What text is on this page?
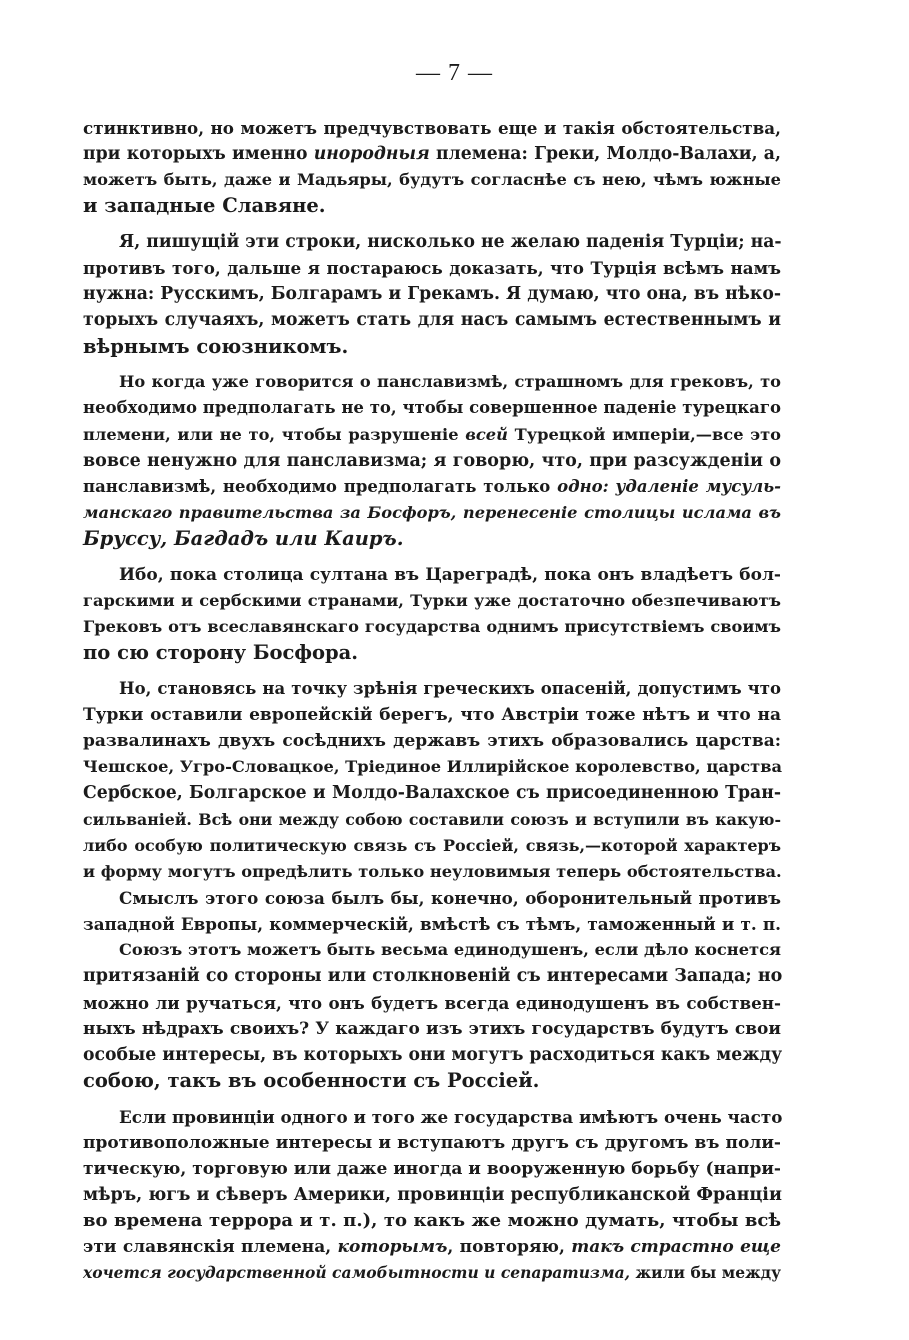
— 7 —
стинктивно, но можетъ предчувствовать еще и такія обстоятельства,
при которыхъ именно инородныя племена: Греки, Молдо-Валахи, а,
можетъ быть, даже и Мадьяры, будутъ согласнѣе съ нею, чѣмъ южные
и западные Славяне.
Я, пишущій эти строки, нисколько не желаю паденія Турціи; на-
противъ того, дальше я постараюсь доказать, что Турція всѣмъ намъ
нужна: Русскимъ, Болгарамъ и Грекамъ. Я думаю, что она, въ нѣко-
торыхъ случаяхъ, можетъ стать для насъ самымъ естественнымъ и
вѣрнымъ союзникомъ.
Но когда уже говорится о панславизмѣ, страшномъ для грековъ, то
необходимо предполагать не то, чтобы совершенное паденіе турецкаго
племени, или не то, чтобы разрушеніе всей Турецкой имперіи,—все это
вовсе ненужно для панславизма; я говорю, что, при разсужденіи о
панславизмѣ, необходимо предполагать только одно: удаленіе мусуль-
манскаго правительства за Босфоръ, перенесеніе столицы ислама въ
Бруссу, Багдадъ или Каиръ.
Ибо, пока столица султана въ Цареградѣ, пока онъ владѣетъ бол-
гарскими и сербскими странами, Турки уже достаточно обезпечиваютъ
Грековъ отъ всеславянскаго государства однимъ присутствіемъ своимъ
по сю сторону Босфора.
Но, становясь на точку зрѣнія греческихъ опасеній, допустимъ что
Турки оставили европейскій берегъ, что Австріи тоже нѣтъ и что на
развалинахъ двухъ сосѣднихъ державъ этихъ образовались царства:
Чешское, Угро-Словацкое, Тріединое Иллирійское королевство, царства
Сербское, Болгарское и Молдо-Валахское съ присоединенною Тран-
сильваніей. Всѣ они между собою составили союзъ и вступили въ какую-
либо особую политическую связь съ Россіей, связь,—которой характеръ
и форму могутъ опредѣлить только неуловимыя теперь обстоятельства.
Смыслъ этого союза былъ бы, конечно, оборонительный противъ
западной Европы, коммерческій, вмѣстѣ съ тѣмъ, таможенный и т. п.
Союзъ этотъ можетъ быть весьма единодушенъ, если дѣло коснется
притязаній со стороны или столкновеній съ интересами Запада; но
можно ли ручаться, что онъ будетъ всегда единодушенъ въ собствен-
ныхъ нѣдрахъ своихъ? У каждаго изъ этихъ государствъ будутъ свои
особые интересы, въ которыхъ они могутъ расходиться какъ между
собою, такъ въ особенности съ Россіей.
Если провинціи одного и того же государства имѣютъ очень часто
противоположные интересы и вступаютъ другъ съ другомъ въ поли-
тическую, торговую или даже иногда и вооруженную борьбу (напри-
мѣръ, югъ и сѣверъ Америки, провинціи республиканской Франціи
во времена террора и т. п.), то какъ же можно думать, чтобы всѣ
эти славянскія племена, которымъ, повторяю, такъ страстно еще
хочется государственной самобытности и сепаратизма, жили бы между
